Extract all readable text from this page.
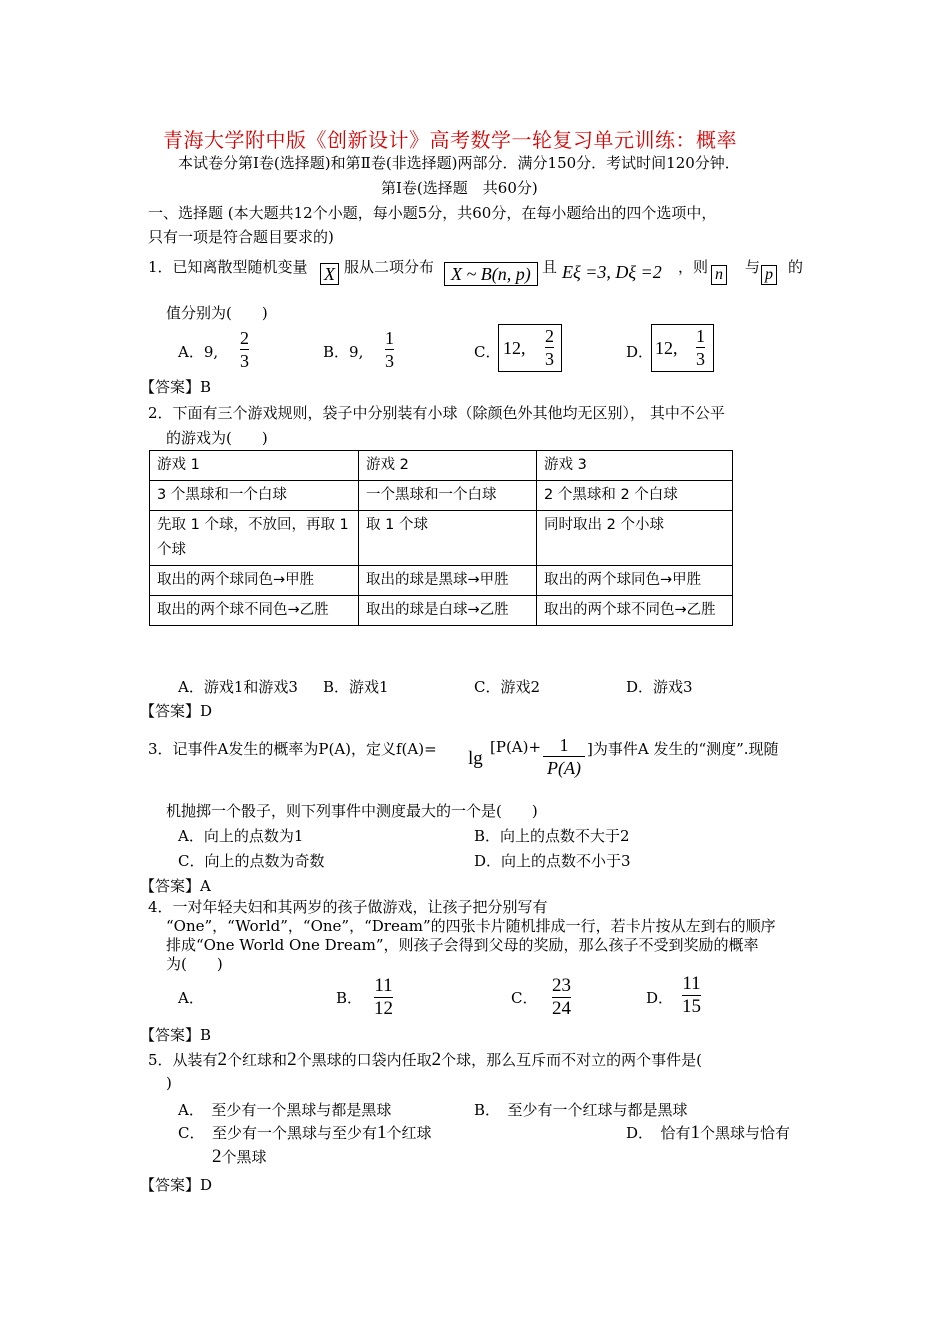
青海大学附中版《创新设计》高考数学一轮复习单元训练：概率
本试卷分第Ⅰ卷(选择题)和第Ⅱ卷(非选择题)两部分．满分150分．考试时间120分钟．
第Ⅰ卷(选择题　共60分)
一、选择题 (本大题共12个小题，每小题5分，共60分，在每小题给出的四个选项中，
只有一项是符合题目要求的)
1．已知离散型随机变量 X 服从二项分布 X ~ B(n, p) 且 Eξ =3, Dξ =2 ，则 n 与 p 的
值分别为(　　)
A．9,
2
3	B．9,
1
3	C． 12,
2
3	D． 12,
1
3
【答案】B
2．下面有三个游戏规则，袋子中分别装有小球（除颜色外其他均无区别）， 其中不公平
的游戏为(　　)
游戏 1	游戏 2	游戏 3
3 个黑球和一个白球	一个黑球和一个白球	2 个黑球和 2 个白球
先取 1 个球，不放回，再取 1 个球	取 1 个球	同时取出 2 个小球
取出的两个球同色→甲胜	取出的球是黑球→甲胜	取出的两个球同色→甲胜
取出的两个球不同色→乙胜	取出的球是白球→乙胜	取出的两个球不同色→乙胜
A．游戏1和游戏3 B．游戏1	C．游戏2	D．游戏3
【答案】D
3．记事件A发生的概率为P(A)，定义f(A)= lg
[P(A)+ 1
P(A)
]为事件A 发生的“测度”.现随
机抛掷一个骰子，则下列事件中测度最大的一个是(　　)
A．向上的点数为1	B．向上的点数不大于2
C．向上的点数为奇数	D．向上的点数不小于3
【答案】A
4．一对年轻夫妇和其两岁的孩子做游戏，让孩子把分别写有
“One”，“World”，“One”，“Dream”的四张卡片随机排成一行，若卡片按从左到右的顺序
排成“One World One Dream”，则孩子会得到父母的奖励，那么孩子不受到奖励的概率
为(　　)
A．	B．
11
12	C．
23
24	D．
11
15
【答案】B
5．从装有2个红球和2个黑球的口袋内任取2个球，那么互斥而不对立的两个事件是(
)
A．　至少有一个黑球与都是黑球	B．　至少有一个红球与都是黑球
C．　至少有一个黑球与至少有1个红球	D．　恰有1个黑球与恰有
2个黑球
【答案】D
